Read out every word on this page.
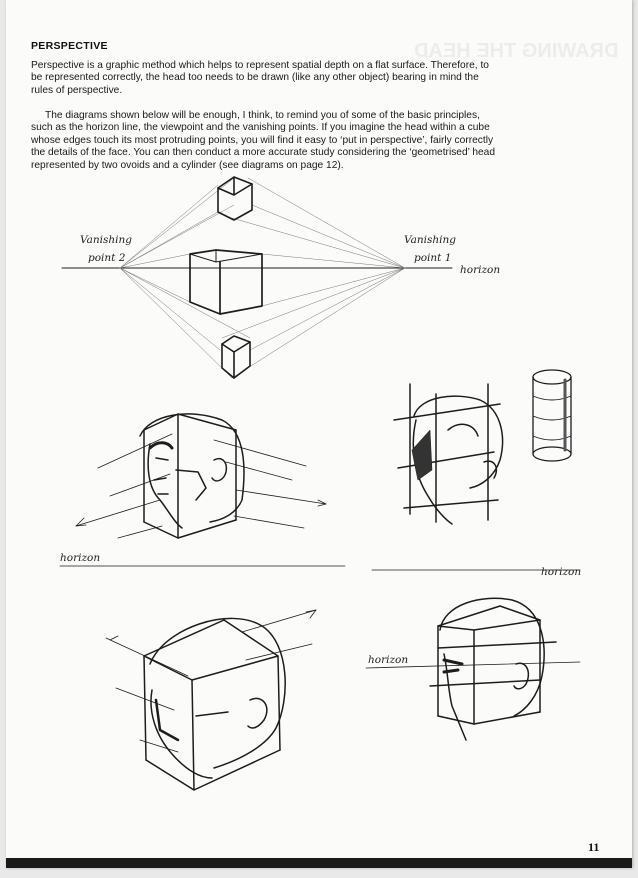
DRAWING THE HEAD
PERSPECTIVE

Perspective is a graphic method which helps to represent spatial depth on a flat surface. Therefore, to be represented correctly, the head too needs to be drawn (like any other object) bearing in mind the rules of perspective.

The diagrams shown below will be enough, I think, to remind you of some of the basic principles, such as the horizon line, the viewpoint and the vanishing points. If you imagine the head within a cube whose edges touch its most protruding points, you will find it easy to ‘put in perspective’, fairly correctly the details of the face. You can then conduct a more accurate study considering the ‘geometrised’ head represented by two ovoids and a cylinder (see diagrams on page 12).

Vanishing
point 2
Vanishing
point 1
horizon
horizon
horizon
horizon
11
